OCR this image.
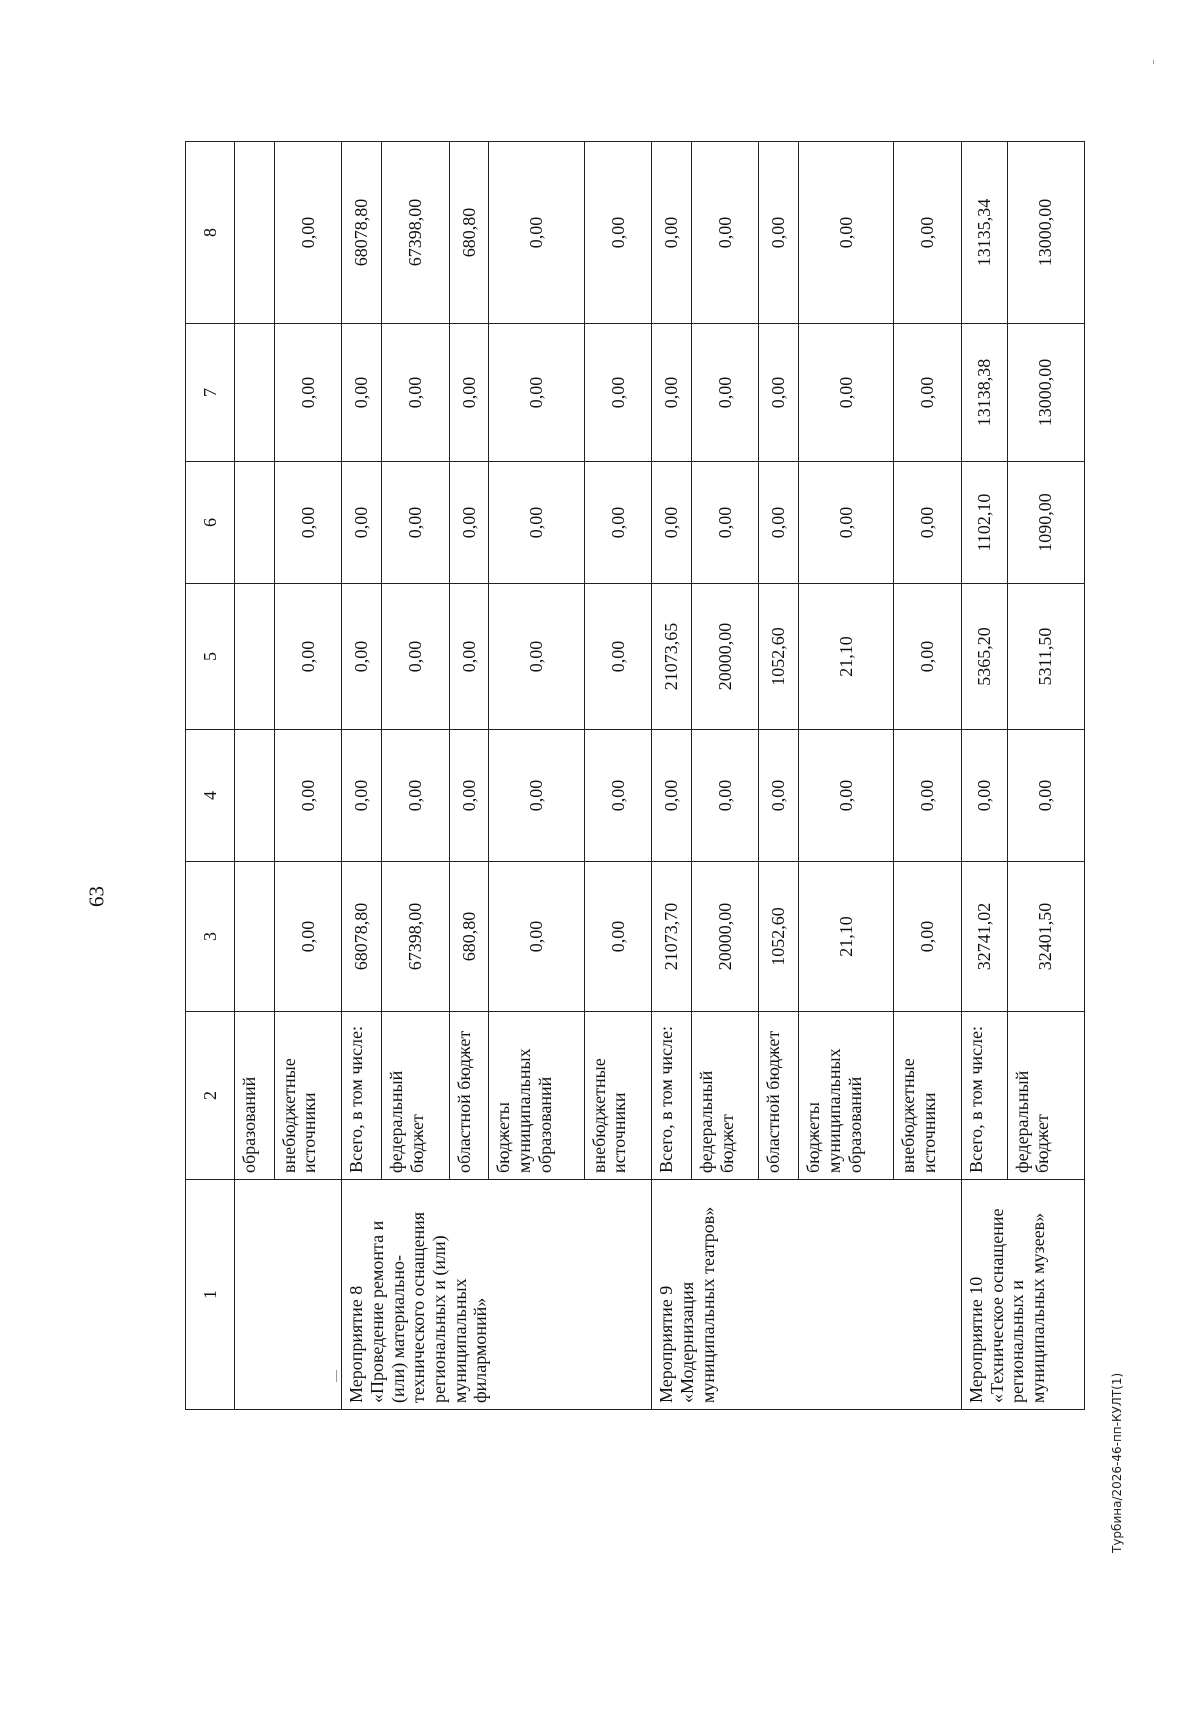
63
1	2	3	4	5	6	7	8
	образований						
	внебюджетные источники	0,00	0,00	0,00	0,00	0,00	0,00
Мероприятие 8 «Проведение ремонта и (или) материально-технического оснащения региональных и (или) муниципальных филармоний»	Всего, в том числе:	68078,80	0,00	0,00	0,00	0,00	68078,80
	федеральный бюджет	67398,00	0,00	0,00	0,00	0,00	67398,00
	областной бюджет	680,80	0,00	0,00	0,00	0,00	680,80
	бюджеты муниципальных образований	0,00	0,00	0,00	0,00	0,00	0,00
	внебюджетные источники	0,00	0,00	0,00	0,00	0,00	0,00
Мероприятие 9 «Модернизация муниципальных театров»	Всего, в том числе:	21073,70	0,00	21073,65	0,00	0,00	0,00
	федеральный бюджет	20000,00	0,00	20000,00	0,00	0,00	0,00
	областной бюджет	1052,60	0,00	1052,60	0,00	0,00	0,00
	бюджеты муниципальных образований	21,10	0,00	21,10	0,00	0,00	0,00
	внебюджетные источники	0,00	0,00	0,00	0,00	0,00	0,00
Мероприятие 10 «Техническое оснащение региональных и муниципальных музеев»	Всего, в том числе:	32741,02	0,00	5365,20	1102,10	13138,38	13135,34
	федеральный бюджет	32401,50	0,00	5311,50	1090,00	13000,00	13000,00
Турбина/2026-46-пп-КУЛТ(1)
